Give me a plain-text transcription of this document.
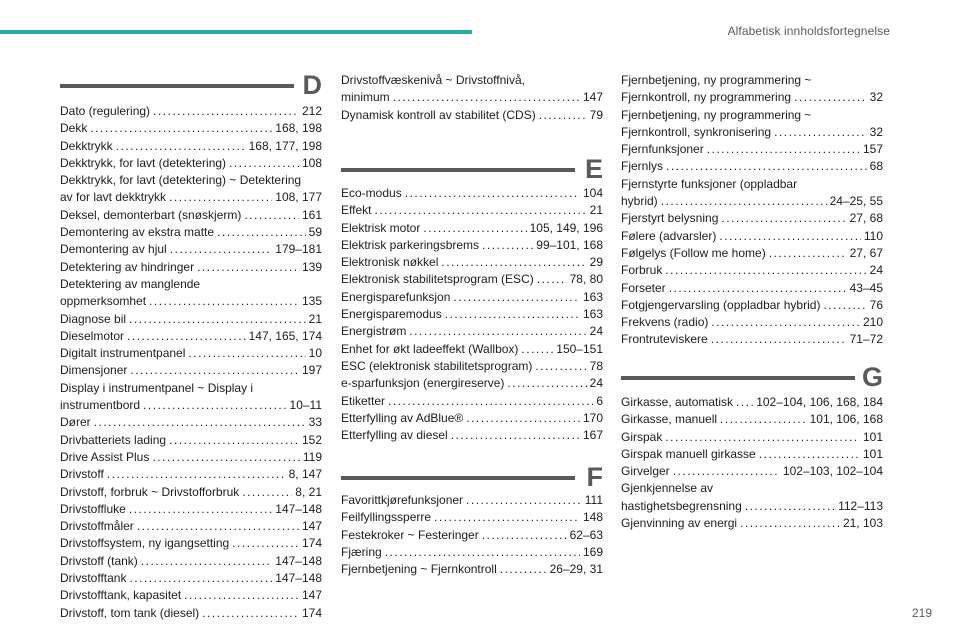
Alfabetisk innholdsfortegnelse
D
Dato (regulering) .....	212
Dekk .....	168, 198
Dekktrykk .....	168, 177, 198
Dekktrykk, for lavt (detektering) .....	108
Dekktrykk, for lavt (detektering) ~ Detektering
av for lavt dekktrykk .....	108, 177
Deksel, demonterbart (snøskjerm) .....	161
Demontering av ekstra matte .....	59
Demontering av hjul .....	179–181
Detektering av hindringer .....	139
Detektering av manglende
oppmerksomhet .....	135
Diagnose bil .....	21
Dieselmotor .....	147, 165, 174
Digitalt instrumentpanel .....	10
Dimensjoner .....	197
Display i instrumentpanel ~ Display i
instrumentbord .....	10–11
Dører .....	33
Drivbatteriets lading .....	152
Drive Assist Plus .....	119
Drivstoff .....	8, 147
Drivstoff, forbruk ~ Drivstofforbruk .....	8, 21
Drivstoffluke .....	147–148
Drivstoffmåler .....	147
Drivstoffsystem, ny igangsetting .....	174
Drivstoff (tank) .....	147–148
Drivstofftank .....	147–148
Drivstofftank, kapasitet .....	147
Drivstoff, tom tank (diesel) .....	174
Drivstoffvæskenivå ~ Drivstoffnivå,
minimum .....	147
Dynamisk kontroll av stabilitet (CDS) .....	79
E
Eco-modus .....	104
Effekt .....	21
Elektrisk motor .....	105, 149, 196
Elektrisk parkeringsbrems .....	99–101, 168
Elektronisk nøkkel .....	29
Elektronisk stabilitetsprogram (ESC) .....	78, 80
Energisparefunksjon .....	163
Energisparemodus .....	163
Energistrøm .....	24
Enhet for økt ladeeffekt (Wallbox) .....	150–151
ESC (elektronisk stabilitetsprogram) .....	78
e-sparfunksjon (energireserve) .....	24
Etiketter .....	6
Etterfylling av AdBlue® .....	170
Etterfylling av diesel .....	167
F
Favorittkjørefunksjoner .....	111
Feilfyllingssperre .....	148
Festekroker ~ Festeringer .....	62–63
Fjæring .....	169
Fjernbetjening ~ Fjernkontroll .....	26–29, 31
Fjernbetjening, ny programmering ~
Fjernkontroll, ny programmering .....	32
Fjernbetjening, ny programmering ~
Fjernkontroll, synkronisering .....	32
Fjernfunksjoner .....	157
Fjernlys .....	68
Fjernstyrte funksjoner (oppladbar
hybrid) .....	24–25, 55
Fjerstyrt belysning .....	27, 68
Følere (advarsler) .....	110
Følgelys (Follow me home) .....	27, 67
Forbruk .....	24
Forseter .....	43–45
Fotgjengervarsling (oppladbar hybrid) .....	76
Frekvens (radio) .....	210
Frontruteviskere .....	71–72
G
Girkasse, automatisk ..... 102–104, 106, 168, 184
Girkasse, manuell .....	101, 106, 168
Girspak .....	101
Girspak manuell girkasse .....	101
Girvelger .....	102–103, 102–104
Gjenkjennelse av
hastighetsbegrensning .....	112–113
Gjenvinning av energi .....	21, 103
219
